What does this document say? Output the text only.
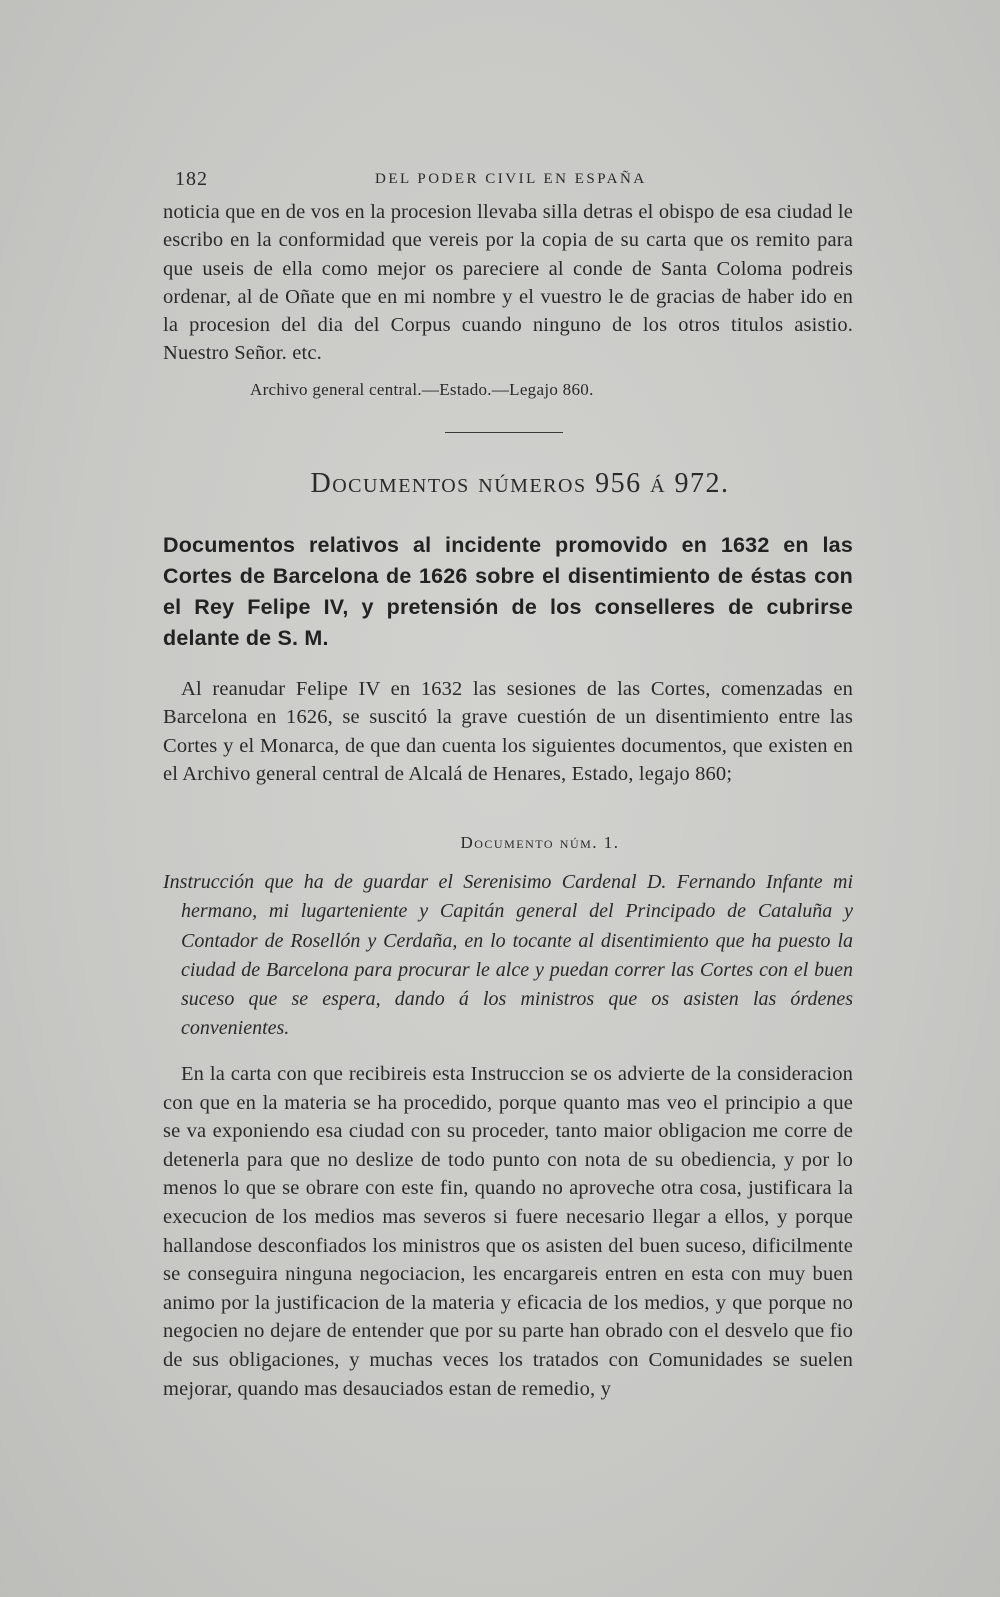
182	DEL PODER CIVIL EN ESPAÑA
noticia que en de vos en la procesion llevaba silla detras el obispo de esa ciudad le escribo en la conformidad que vereis por la copia de su carta que os remito para que useis de ella como mejor os pareciere al conde de Santa Coloma podreis ordenar, al de Oñate que en mi nombre y el vuestro le de gracias de haber ido en la procesion del dia del Corpus cuando ninguno de los otros titulos asistio. Nuestro Señor. etc.
Archivo general central.—Estado.—Legajo 860.
Documentos números 956 á 972.
Documentos relativos al incidente promovido en 1632 en las Cortes de Barcelona de 1626 sobre el disentimiento de éstas con el Rey Felipe IV, y pretensión de los conselleres de cubrirse delante de S. M.
Al reanudar Felipe IV en 1632 las sesiones de las Cortes, comenzadas en Barcelona en 1626, se suscitó la grave cuestión de un disentimiento entre las Cortes y el Monarca, de que dan cuenta los siguientes documentos, que existen en el Archivo general central de Alcalá de Henares, Estado, legajo 860;
Documento núm. 1.
Instrucción que ha de guardar el Serenisimo Cardenal D. Fernando Infante mi hermano, mi lugarteniente y Capitán general del Principado de Cataluña y Contador de Rosellón y Cerdaña, en lo tocante al disentimiento que ha puesto la ciudad de Barcelona para procurar le alce y puedan correr las Cortes con el buen suceso que se espera, dando á los ministros que os asisten las órdenes convenientes.
En la carta con que recibireis esta Instruccion se os advierte de la consideracion con que en la materia se ha procedido, porque quanto mas veo el principio a que se va exponiendo esa ciudad con su proceder, tanto maior obligacion me corre de detenerla para que no deslize de todo punto con nota de su obediencia, y por lo menos lo que se obrare con este fin, quando no aproveche otra cosa, justificara la execucion de los medios mas severos si fuere necesario llegar a ellos, y porque hallandose desconfiados los ministros que os asisten del buen suceso, dificilmente se conseguira ninguna negociacion, les encargareis entren en esta con muy buen animo por la justificacion de la materia y eficacia de los medios, y que porque no negocien no dejare de entender que por su parte han obrado con el desvelo que fio de sus obligaciones, y muchas veces los tratados con Comunidades se suelen mejorar, quando mas desauciados estan de remedio, y
